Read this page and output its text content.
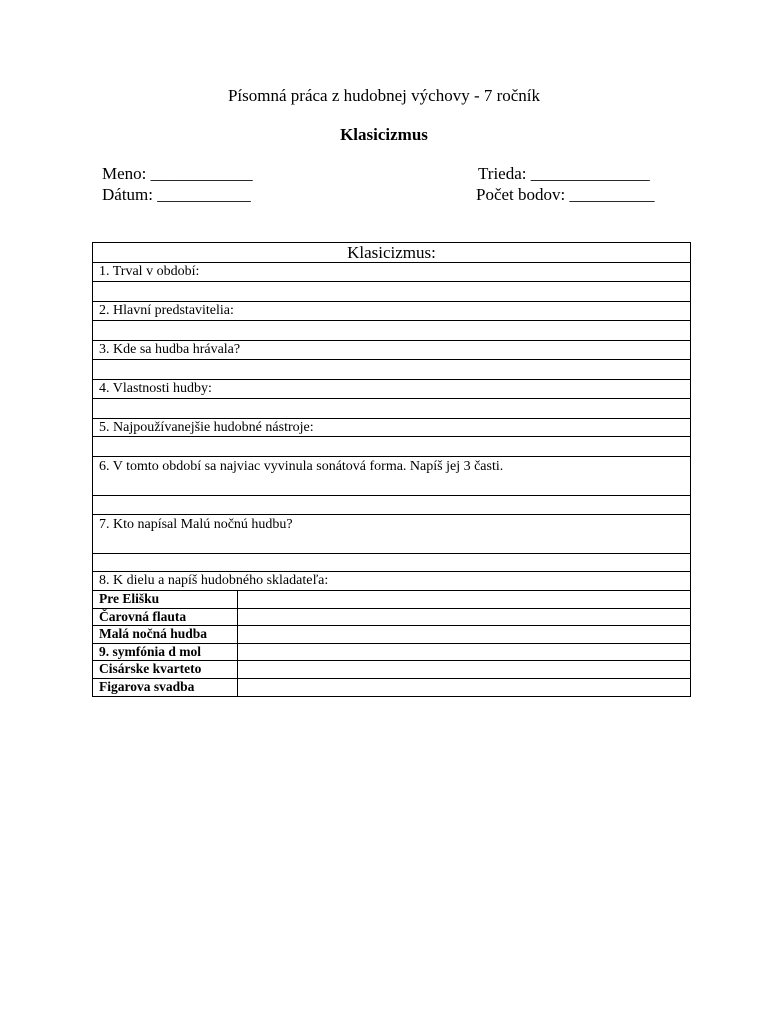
Písomná práca z hudobnej výchovy - 7 ročník
Klasicizmus
Meno: ____________
Dátum: ___________
Trieda: ______________
Počet bodov: __________
Klasicizmus:
1. Trval v období:
2. Hlavní predstavitelia:
3. Kde sa hudba hrávala?
4. Vlastnosti hudby:
5. Najpoužívanejšie hudobné nástroje:
6. V tomto období sa najviac vyvinula sonátová forma. Napíš jej 3 časti.
7. Kto napísal Malú nočnú hudbu?
8. K dielu a napíš hudobného skladateľa:
Pre Elišku
Čarovná flauta
Malá nočná hudba
9. symfónia d mol
Cisárske kvarteto
Figarova svadba
